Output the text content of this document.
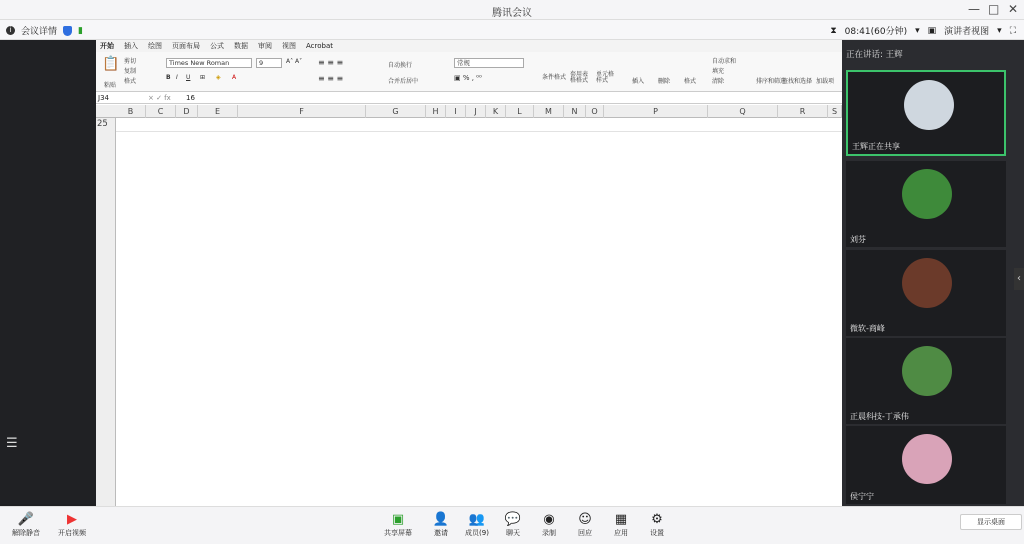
腾讯会议	— □ ✕
i	会议详情 ▮	⧗ 08:41(60分钟) ▾ ▣ 演讲者视图 ▾ ⛶
☰
开始 插入 绘图 页面布局 公式 数据 审阅 视图 Acrobat
📋
粘贴
剪切
复制
格式
Times New Roman	9	A˄ A˅
B I U ⊞ ◈ A
≡ ≡ ≡
≡ ≡ ≡
自动换行
合并后居中
常规
▣ % , ⁰⁰	条件格式 套用表格格式
单元格样式	插入 删除 格式
自动求和
填充
清除	排序和筛选
查找和选择 加载项
J34	× ✓ fx 16
B	C	D	E	F	G	H	I	J	K	L	M	N	O	P	Q	R	S
25
正在讲话: 王辉
王辉正在共享
刘芬
微软-商峰
正晨科技-丁承伟
侯宁宁
‹
🎤
解除静音
▶
开启视频
▣
共享屏幕
👤
邀请
👥
成员(9)
💬
聊天
◉
录制
☺
回应
▦
应用
⚙
设置
显示桌面
